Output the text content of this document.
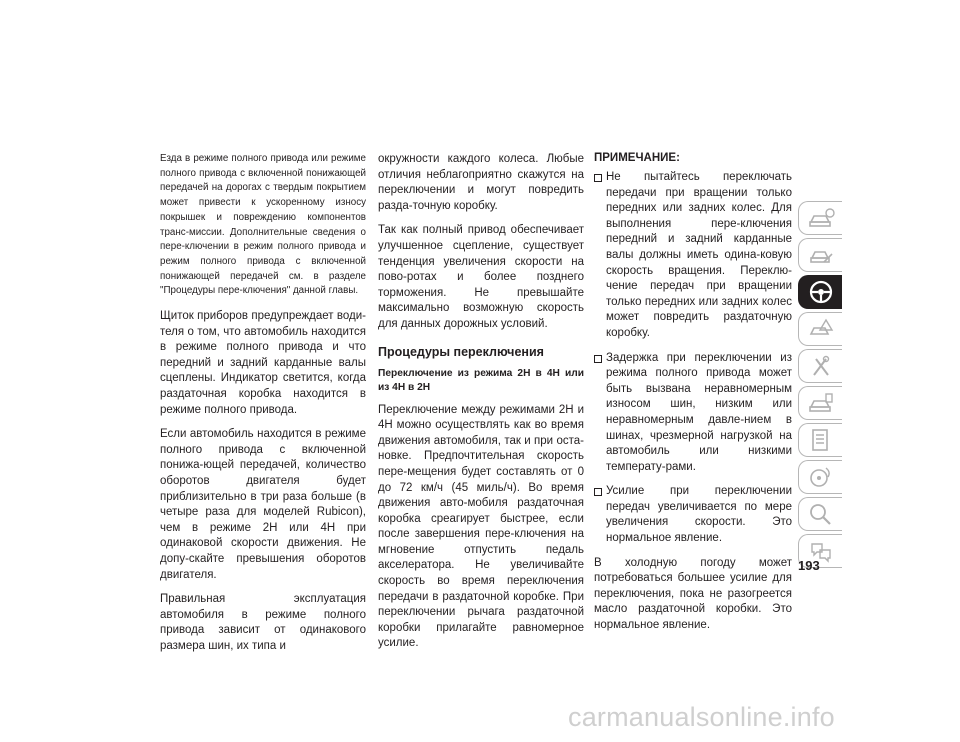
Езда в режиме полного привода или режиме полного привода с включенной понижающей передачей на дорогах с твердым покрытием может привести к ускоренному износу покрышек и повреждению компонентов транс-миссии. Дополнительные сведения о пере-ключении в режим полного привода и режим полного привода с включенной понижающей передачей см. в разделе "Процедуры пере-ключения" данной главы.

Щиток приборов предупреждает води-теля о том, что автомобиль находится в режиме полного привода и что передний и задний карданные валы сцеплены. Индикатор светится, когда раздаточная коробка находится в режиме полного привода.

Если автомобиль находится в режиме полного привода с включенной понижа-ющей передачей, количество оборотов двигателя будет приблизительно в три раза больше (в четыре раза для моделей Rubicon), чем в режиме 2H или 4H при одинаковой скорости движения. Не допу-скайте превышения оборотов двигателя.

Правильная эксплуатация автомобиля в режиме полного привода зависит от одинакового размера шин, их типа и

окружности каждого колеса. Любые отличия неблагоприятно скажутся на переключении и могут повредить разда-точную коробку.

Так как полный привод обеспечивает улучшенное сцепление, существует тенденция увеличения скорости на пово-ротах и более позднего торможения. Не превышайте максимально возможную скорость для данных дорожных условий.

Процедуры переключения
Переключение из режима 2H в 4H или из 4H в 2H

Переключение между режимами 2H и 4H можно осуществлять как во время движения автомобиля, так и при оста-новке. Предпочтительная скорость пере-мещения будет составлять от 0 до 72 км/ч (45 миль/ч). Во время движения авто-мобиля раздаточная коробка среагирует быстрее, если после завершения пере-ключения на мгновение отпустить педаль акселератора. Не увеличивайте скорость во время переключения передачи в раздаточной коробке. При переключении рычага раздаточной коробки прилагайте равномерное усилие.

ПРИМЕЧАНИЕ:
Не пытайтесь переключать передачи при вращении только передних или задних колес. Для выполнения пере-ключения передний и задний карданные валы должны иметь одина-ковую скорость вращения. Переклю-чение передач при вращении только передних или задних колес может повредить раздаточную коробку.
Задержка при переключении из режима полного привода может быть вызвана неравномерным износом шин, низким или неравномерным давле-нием в шинах, чрезмерной нагрузкой на автомобиль или низкими температу-рами.
Усилие при переключении передач увеличивается по мере увеличения скорости. Это нормальное явление.

В холодную погоду может потребоваться большее усилие для переключения, пока не разогреется масло раздаточной коробки. Это нормальное явление.

193
carmanualsonline.info
